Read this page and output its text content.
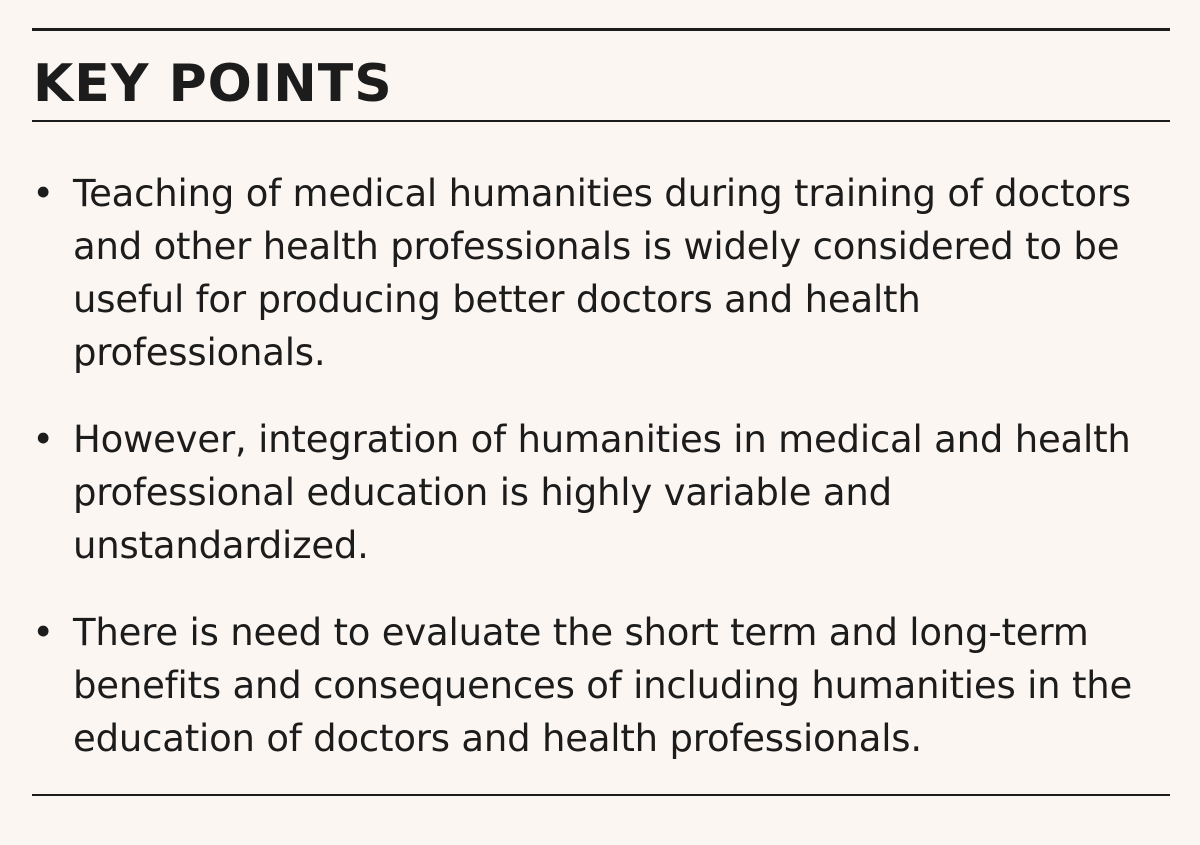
KEY POINTS
• Teaching of medical humanities during training of doctors and other health professionals is widely considered to be useful for producing better doctors and health professionals.
• However, integration of humanities in medical and health professional education is highly variable and unstandardized.
• There is need to evaluate the short term and long-term benefits and consequences of including humanities in the education of doctors and health professionals.
